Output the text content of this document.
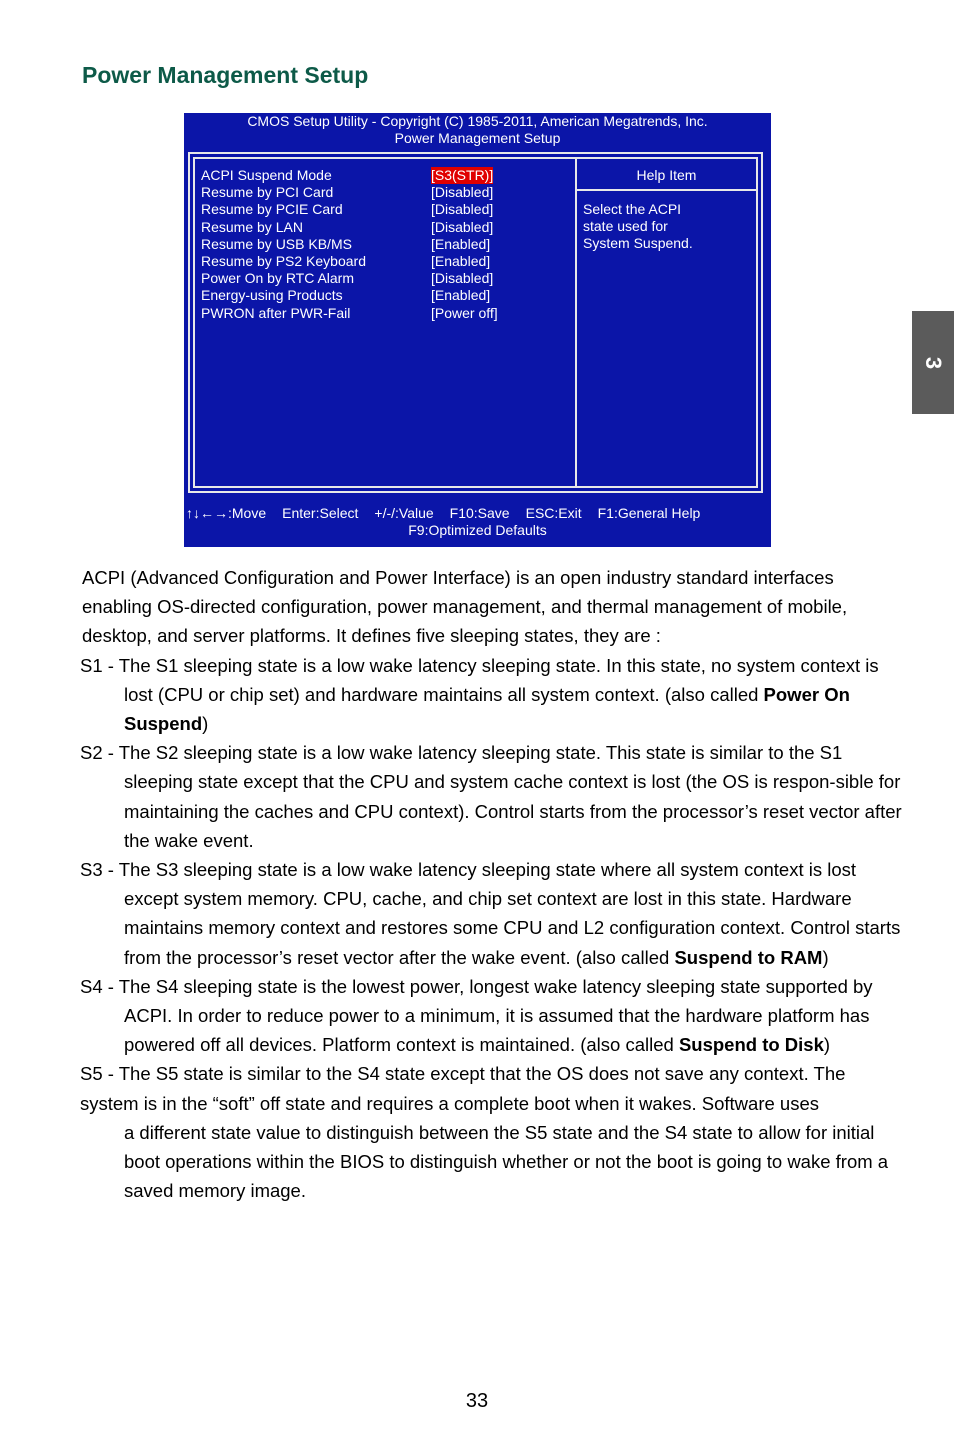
Power Management Setup
3
CMOS Setup Utility - Copyright (C) 1985-2011, American Megatrends, Inc.
Power Management Setup
ACPI Suspend Mode	[S3(STR)]
Resume by PCI Card	[Disabled]
Resume by PCIE Card	[Disabled]
Resume by LAN	[Disabled]
Resume by USB KB/MS	[Enabled]
Resume by PS2 Keyboard	[Enabled]
Power On by RTC Alarm	[Disabled]
Energy-using Products	[Enabled]
PWRON after PWR-Fail	[Power off]
Help Item
Select the ACPI
state used for
System Suspend.
↑↓←→:Move Enter:Select +/-/:Value F10:Save ESC:Exit F1:General Help
F9:Optimized Defaults

ACPI (Advanced Configuration and Power Interface) is an open industry standard interfaces enabling OS-directed configuration, power management, and thermal management of mobile, desktop, and server platforms. It defines five sleeping states, they are :

S1 - The S1 sleeping state is a low wake latency sleeping state. In this state, no system context is lost (CPU or chip set) and hardware maintains all system context. (also called Power On Suspend)

S2 - The S2 sleeping state is a low wake latency sleeping state. This state is similar to the S1 sleeping state except that the CPU and system cache context is lost (the OS is respon-sible for maintaining the caches and CPU context). Control starts from the processor’s reset vector after the wake event.

S3 - The S3 sleeping state is a low wake latency sleeping state where all system context is lost except system memory. CPU, cache, and chip set context are lost in this state. Hardware maintains memory context and restores some CPU and L2 configuration context. Control starts from the processor’s reset vector after the wake event. (also called Suspend to RAM)

S4 - The S4 sleeping state is the lowest power, longest wake latency sleeping state supported by ACPI. In order to reduce power to a minimum, it is assumed that the hardware platform has powered off all devices. Platform context is maintained. (also called Suspend to Disk)

S5 - The S5 state is similar to the S4 state except that the OS does not save any context. The

system is in the “soft” off state and requires a complete boot when it wakes. Software uses

a different state value to distinguish between the S5 state and the S4 state to allow for initial boot operations within the BIOS to distinguish whether or not the boot is going to wake from a saved memory image.

33
